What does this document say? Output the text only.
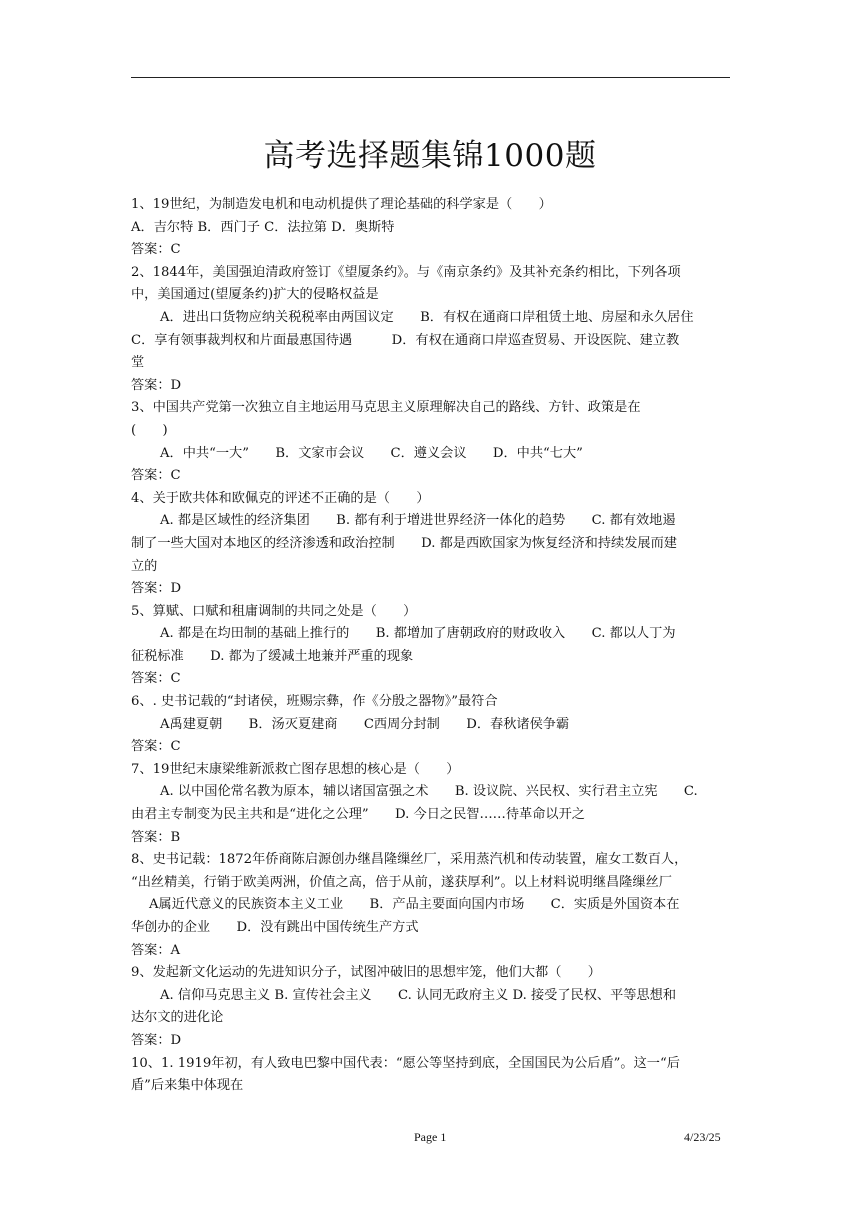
高考选择题集锦1000题
1、19世纪，为制造发电机和电动机提供了理论基础的科学家是（　　）
A．吉尔特 B．西门子 C．法拉第 D．奥斯特
答案：C
2、1844年，美国强迫清政府签订《望厦条约》。与《南京条约》及其补充条约相比，下列各项
中，美国通过(望厦条约)扩大的侵略权益是
A．进出口货物应纳关税税率由两国议定　　B．有权在通商口岸租赁土地、房屋和永久居住
C．享有领事裁判权和片面最惠国待遇　　　D．有权在通商口岸巡查贸易、开设医院、建立教
堂
答案：D
3、中国共产党第一次独立自主地运用马克思主义原理解决自己的路线、方针、政策是在
(　　)
A．中共“一大”　　B．文家市会议　　C．遵义会议　　D．中共“七大”
答案：C
4、关于欧共体和欧佩克的评述不正确的是（　　）
A. 都是区域性的经济集团　　B. 都有利于增进世界经济一体化的趋势　　C. 都有效地遏
制了一些大国对本地区的经济渗透和政治控制　　D. 都是西欧国家为恢复经济和持续发展而建
立的
答案：D
5、算赋、口赋和租庸调制的共同之处是（　　）
A. 都是在均田制的基础上推行的　　B. 都增加了唐朝政府的财政收入　　C. 都以人丁为
征税标准　　D. 都为了缓减土地兼并严重的现象
答案：C
6、. 史书记载的“封诸侯，班赐宗彝，作《分殷之器物》”最符合
A禹建夏朝　　B．汤灭夏建商　　C西周分封制　　D．春秋诸侯争霸
答案：C
7、19世纪末康梁维新派救亡图存思想的核心是（　　）
A. 以中国伦常名教为原本，辅以诸国富强之术　　B. 设议院、兴民权、实行君主立宪　　C.
由君主专制变为民主共和是“进化之公理”　　D. 今日之民智……待革命以开之
答案：B
8、史书记载：1872年侨商陈启源创办继昌隆缫丝厂，采用蒸汽机和传动装置，雇女工数百人，
“出丝精美，行销于欧美两洲，价值之高，倍于从前，遂获厚利”。以上材料说明继昌隆缫丝厂
A属近代意义的民族资本主义工业　　B．产品主要面向国内市场　　C．实质是外国资本在
华创办的企业　　D．没有跳出中国传统生产方式
答案：A
9、发起新文化运动的先进知识分子，试图冲破旧的思想牢笼，他们大都（　　）
A. 信仰马克思主义 B. 宣传社会主义　　C. 认同无政府主义 D. 接受了民权、平等思想和
达尔文的进化论
答案：D
10、1. 1919年初，有人致电巴黎中国代表：“愿公等坚持到底，全国国民为公后盾”。这一“后
盾”后来集中体现在
Page 1	4/23/25
